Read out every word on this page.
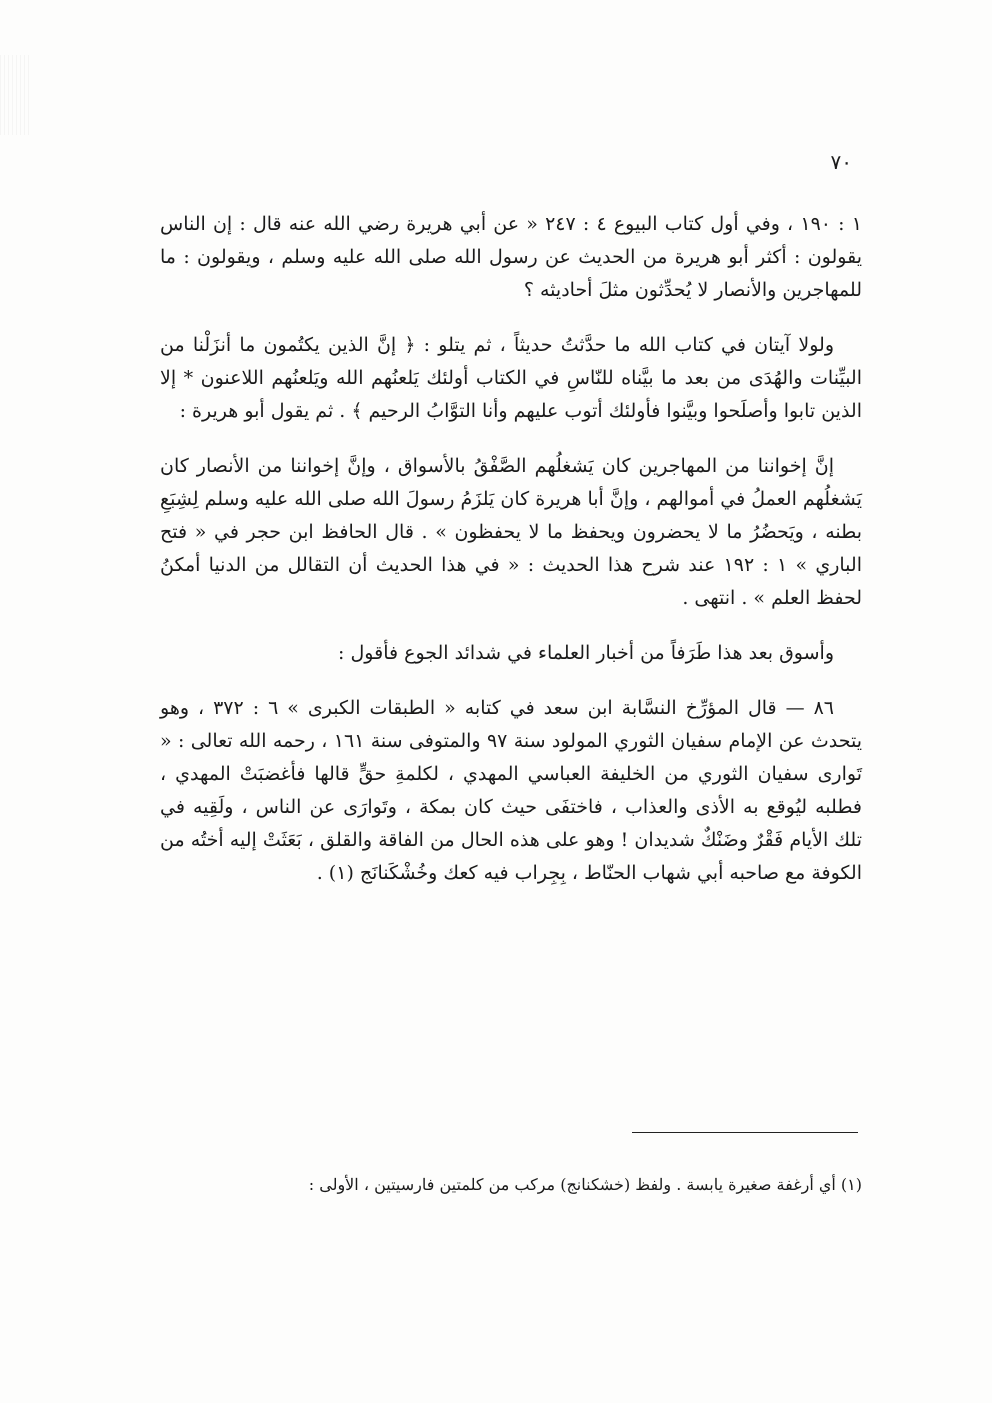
٧٠

١ : ١٩٠ ، وفي أول كتاب البيوع ٤ : ٢٤٧ « عن أبي هريرة رضي الله عنه قال : إن الناس يقولون : أكثر أبو هريرة من الحديث عن رسول الله صلى الله عليه وسلم ، ويقولون : ما للمهاجرين والأنصار لا يُحدِّثون مثلَ أحاديثه ؟

ولولا آيتان في كتاب الله ما حدَّثتُ حديثاً ، ثم يتلو : ﴿ إنَّ الذين يكتُمون ما أنزَلْنا من البيِّنات والهُدَى من بعد ما بيَّناه للنّاسِ في الكتاب أولئك يَلعنُهم الله ويَلعنُهم اللاعنون * إلا الذين تابوا وأصلَحوا وبيَّنوا فأولئك أتوب عليهم وأنا التوَّابُ الرحيم ﴾ . ثم يقول أبو هريرة :

إنَّ إخواننا من المهاجرين كان يَشغلُهم الصَّفْقُ بالأسواق ، وإنَّ إخواننا من الأنصار كان يَشغلُهم العملُ في أموالهم ، وإنَّ أبا هريرة كان يَلزَمُ رسولَ الله صلى الله عليه وسلم لِشِبَعِ بطنه ، ويَحضُرُ ما لا يحضرون ويحفظ ما لا يحفظون » . قال الحافظ ابن حجر في « فتح الباري » ١ : ١٩٢ عند شرح هذا الحديث : « في هذا الحديث أن التقالل من الدنيا أمكنُ لحفظ العلم » . انتهى .

وأسوق بعد هذا طَرَفاً من أخبار العلماء في شدائد الجوع فأقول :

٨٦ — قال المؤرِّخ النسَّابة ابن سعد في كتابه « الطبقات الكبرى » ٦ : ٣٧٢ ، وهو يتحدث عن الإمام سفيان الثوري المولود سنة ٩٧ والمتوفى سنة ١٦١ ، رحمه الله تعالى : « تَوارى سفيان الثوري من الخليفة العباسي المهدي ، لكلمةِ حقٍّ قالها فأغضبَتْ المهدي ، فطلبه ليُوقع به الأذى والعذاب ، فاختفَى حيث كان بمكة ، وتَوارَى عن الناس ، ولَقِيه في تلك الأيام فَقْرٌ وضَنْكٌ شديدان ! وهو على هذه الحال من الفاقة والقلق ، بَعَثَتْ إليه أختُه من الكوفة مع صاحبه أبي شهاب الحنّاط ، بِجِراب فيه كعك وخُشْكَنانَج (١) .

(١) أي أرغفة صغيرة يابسة . ولفظ (خشكنانج) مركب من كلمتين فارسيتين ، الأولى :
